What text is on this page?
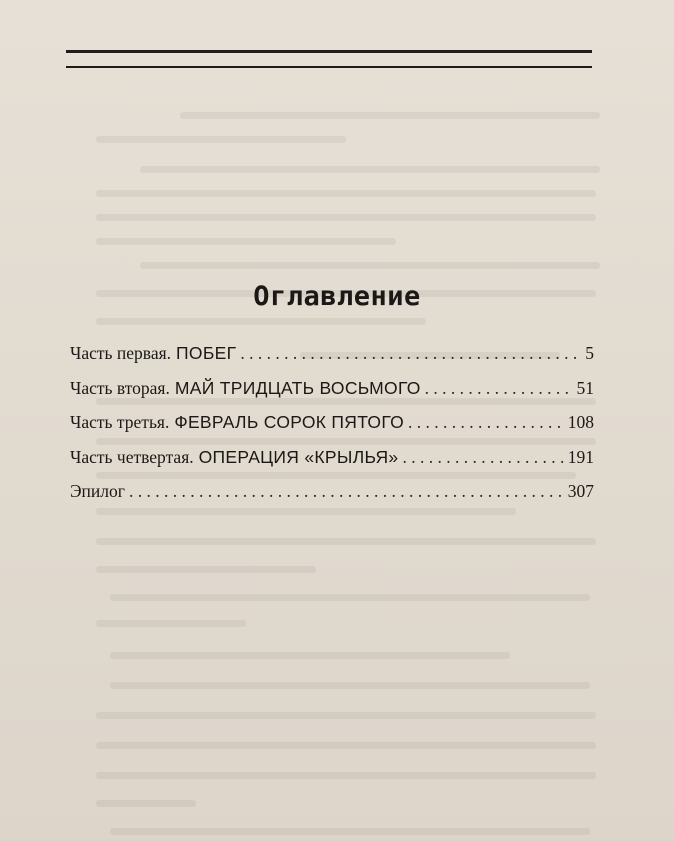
Оглавление
Часть первая. ПОБЕГ . . .	5
Часть вторая. МАЙ ТРИДЦАТЬ ВОСЬМОГО . . .	51
Часть третья. ФЕВРАЛЬ СОРОК ПЯТОГО . . .	108
Часть четвертая. ОПЕРАЦИЯ «КРЫЛЬЯ» . . .	191
Эпилог . . .	307
